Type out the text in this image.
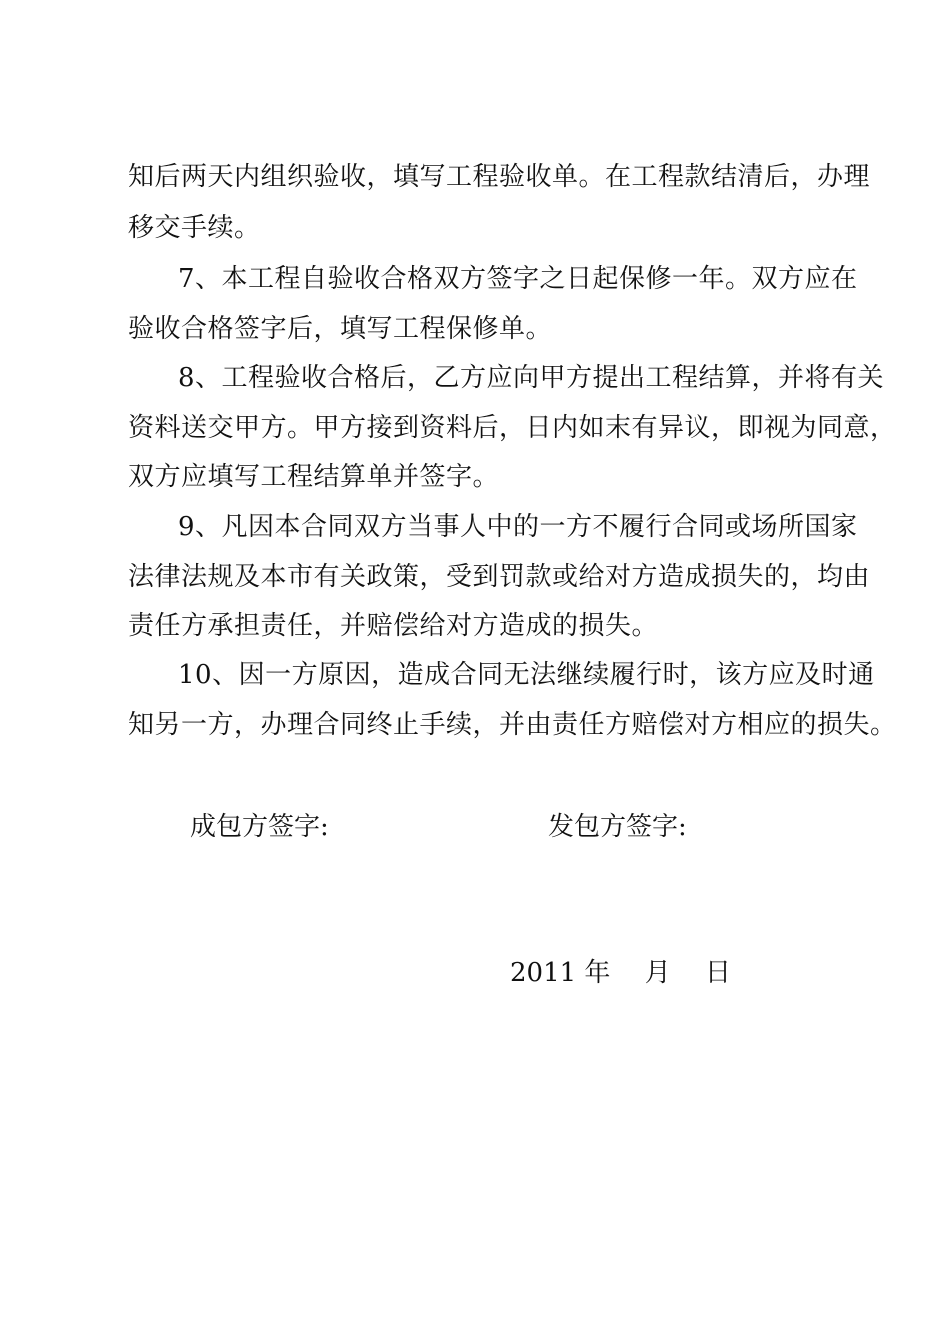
知后两天内组织验收，填写工程验收单。在工程款结清后，办理
移交手续。
7、本工程自验收合格双方签字之日起保修一年。双方应在
验收合格签字后，填写工程保修单。
8、工程验收合格后，乙方应向甲方提出工程结算，并将有关
资料送交甲方。甲方接到资料后，日内如末有异议，即视为同意，
双方应填写工程结算单并签字。
9、凡因本合同双方当事人中的一方不履行合同或场所国家
法律法规及本市有关政策，受到罚款或给对方造成损失的，均由
责任方承担责任，并赔偿给对方造成的损失。
10、因一方原因，造成合同无法继续履行时，该方应及时通
知另一方，办理合同终止手续，并由责任方赔偿对方相应的损失。
成包方签字:	发包方签字:
2011 年　 月　 日
